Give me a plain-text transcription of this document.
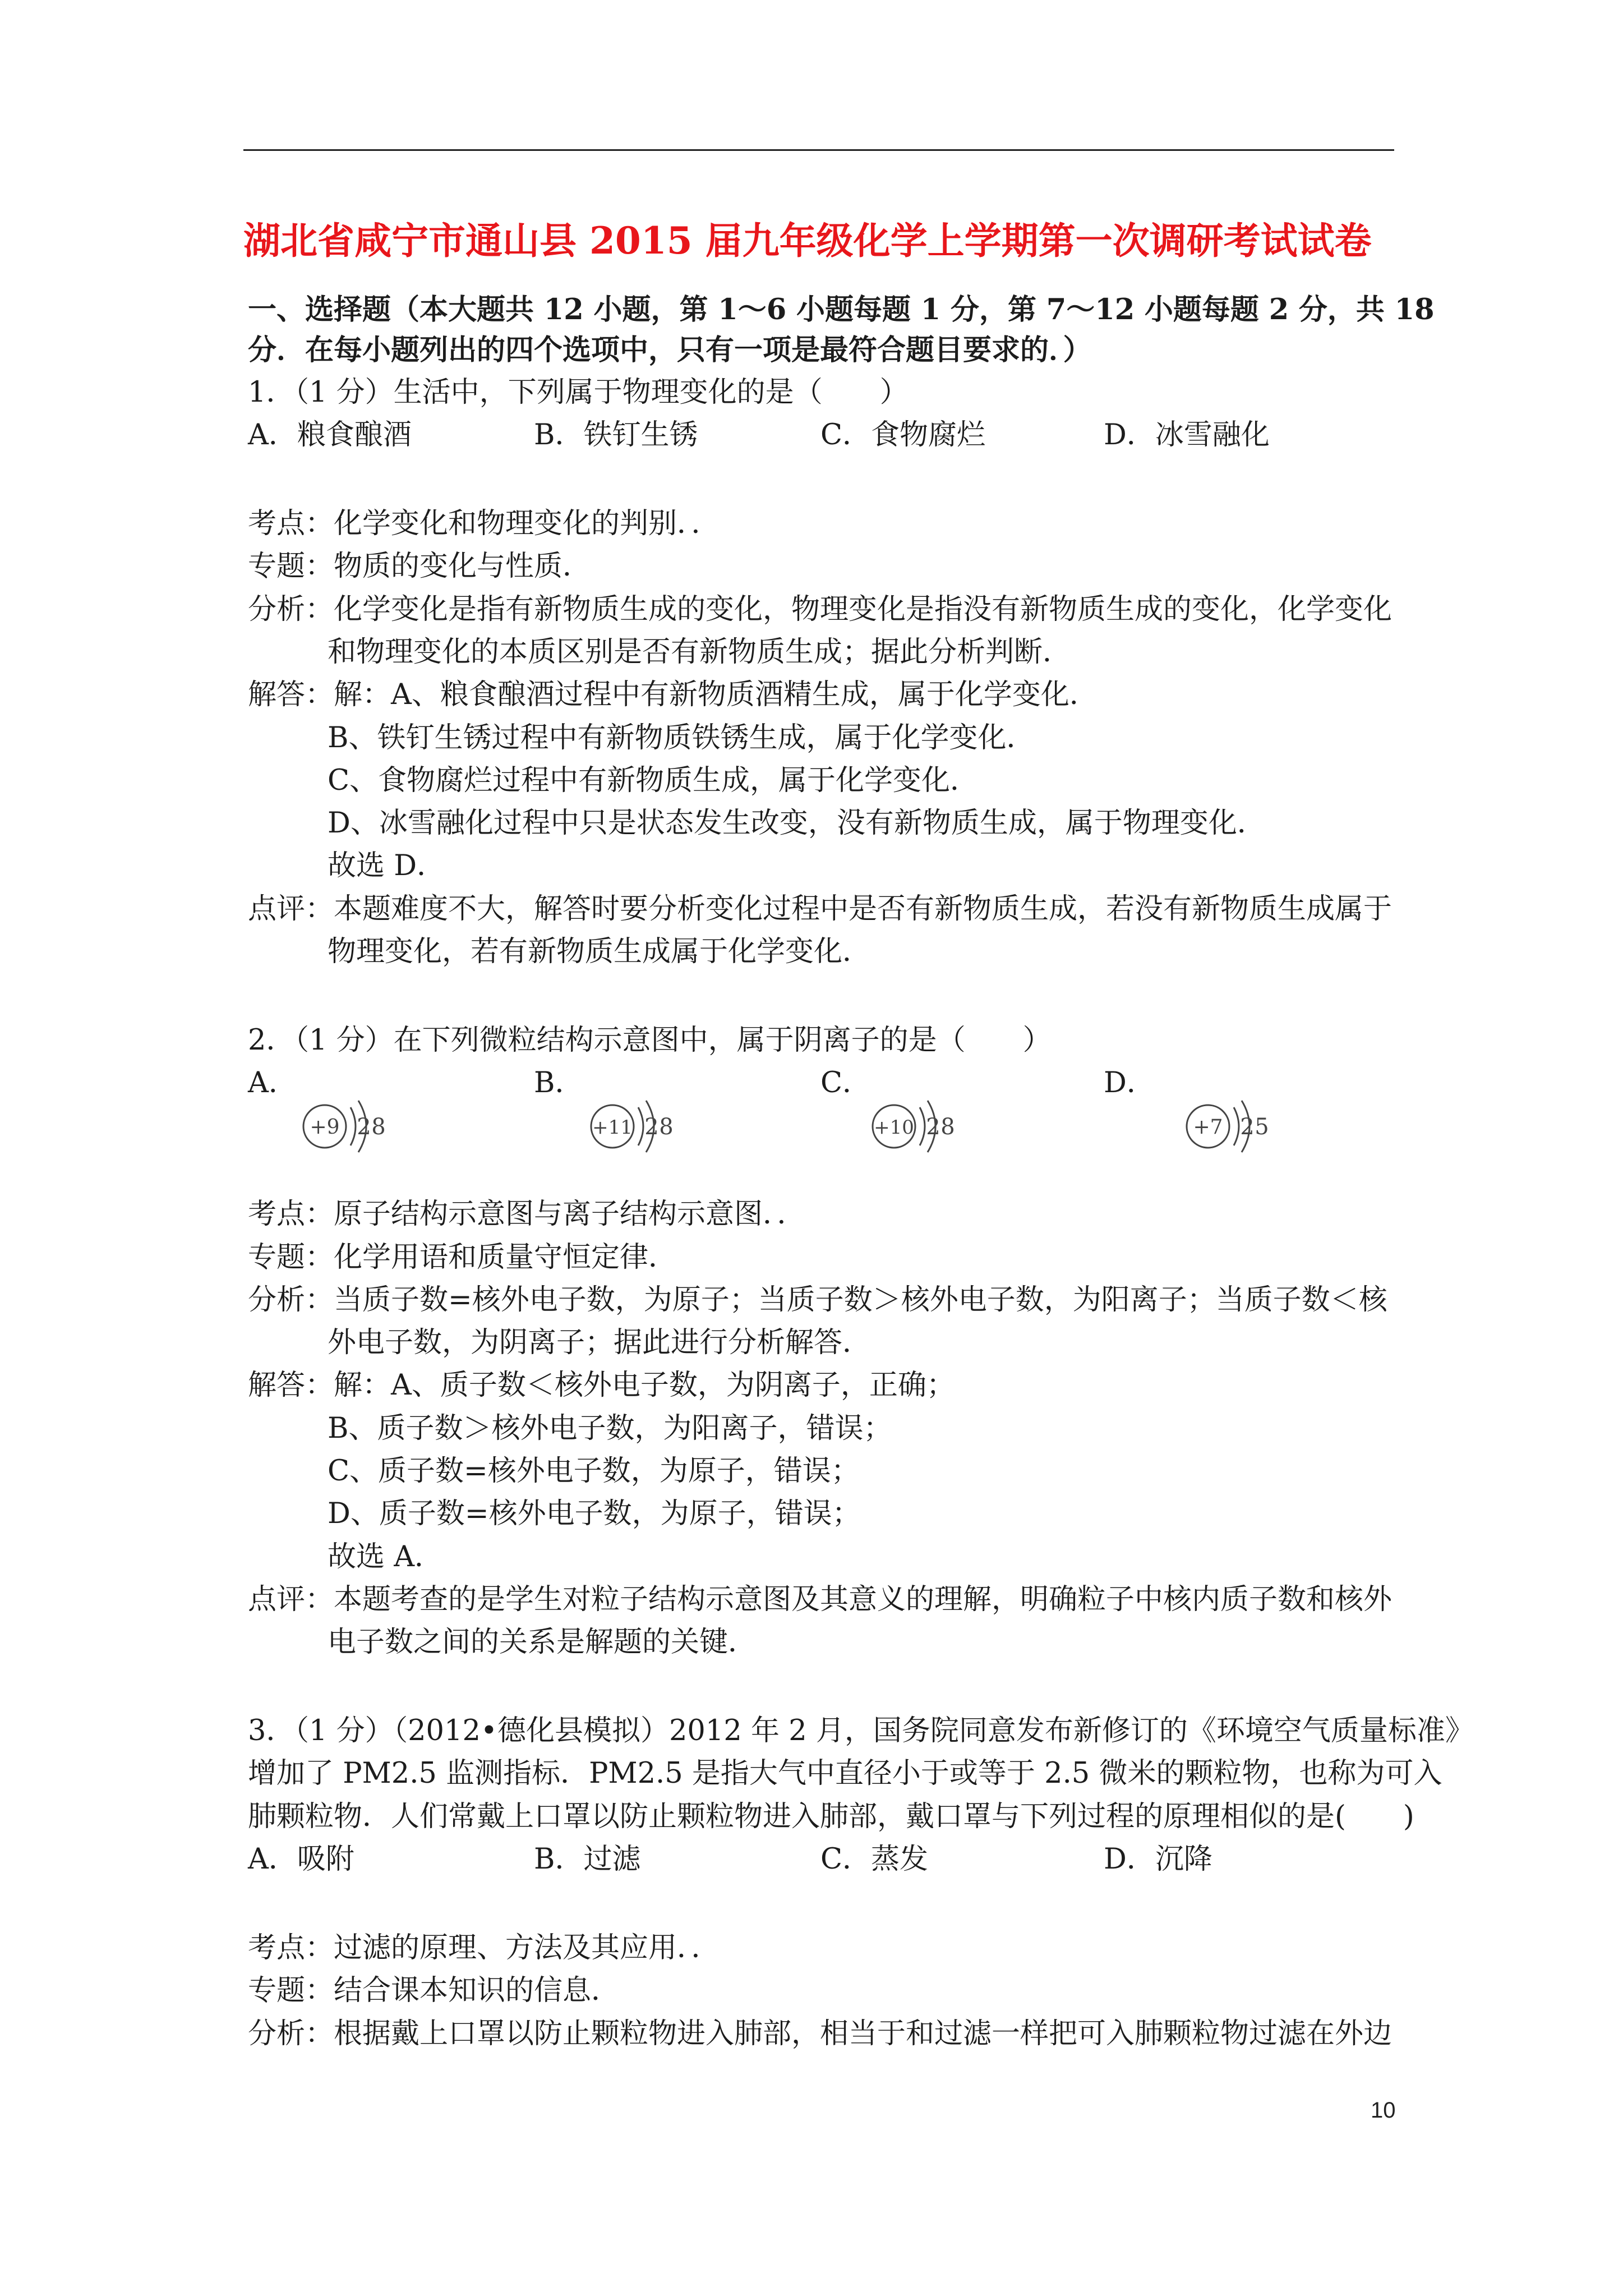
湖北省咸宁市通山县 2015 届九年级化学上学期第一次调研考试试卷
一、选择题（本大题共 12 小题，第 1～6 小题每题 1 分，第 7～12 小题每题 2 分，共 18
分．在每小题列出的四个选项中，只有一项是最符合题目要求的．）
1．（1 分）生活中，下列属于物理变化的是（　　）
A．粮食酿酒	B．铁钉生锈	C．食物腐烂	D．冰雪融化
考点：化学变化和物理变化的判别．．
专题：物质的变化与性质．
分析：化学变化是指有新物质生成的变化，物理变化是指没有新物质生成的变化，化学变化
和物理变化的本质区别是否有新物质生成；据此分析判断．
解答：解：A、粮食酿酒过程中有新物质酒精生成，属于化学变化．
B、铁钉生锈过程中有新物质铁锈生成，属于化学变化．
C、食物腐烂过程中有新物质生成，属于化学变化．
D、冰雪融化过程中只是状态发生改变，没有新物质生成，属于物理变化．
故选 D．
点评：本题难度不大，解答时要分析变化过程中是否有新物质生成，若没有新物质生成属于
物理变化，若有新物质生成属于化学变化．
2．（1 分）在下列微粒结构示意图中，属于阴离子的是（　　）
A．	B．	C．	D．
+9 2 8	+11 2 8	+10 2 8	+7 2 5
考点：原子结构示意图与离子结构示意图．．
专题：化学用语和质量守恒定律．
分析：当质子数=核外电子数，为原子；当质子数＞核外电子数，为阳离子；当质子数＜核
外电子数，为阴离子；据此进行分析解答．
解答：解：A、质子数＜核外电子数，为阴离子，正确；
B、质子数＞核外电子数，为阳离子，错误；
C、质子数=核外电子数，为原子，错误；
D、质子数=核外电子数，为原子，错误；
故选 A．
点评：本题考查的是学生对粒子结构示意图及其意义的理解，明确粒子中核内质子数和核外
电子数之间的关系是解题的关键．
3．（1 分）（2012•德化县模拟）2012 年 2 月，国务院同意发布新修订的《环境空气质量标准》
增加了 PM2.5 监测指标．PM2.5 是指大气中直径小于或等于 2.5 微米的颗粒物，也称为可入
肺颗粒物．人们常戴上口罩以防止颗粒物进入肺部，戴口罩与下列过程的原理相似的是(　　)
A．吸附	B．过滤	C．蒸发	D．沉降
考点：过滤的原理、方法及其应用．．
专题：结合课本知识的信息．
分析：根据戴上口罩以防止颗粒物进入肺部，相当于和过滤一样把可入肺颗粒物过滤在外边
10
